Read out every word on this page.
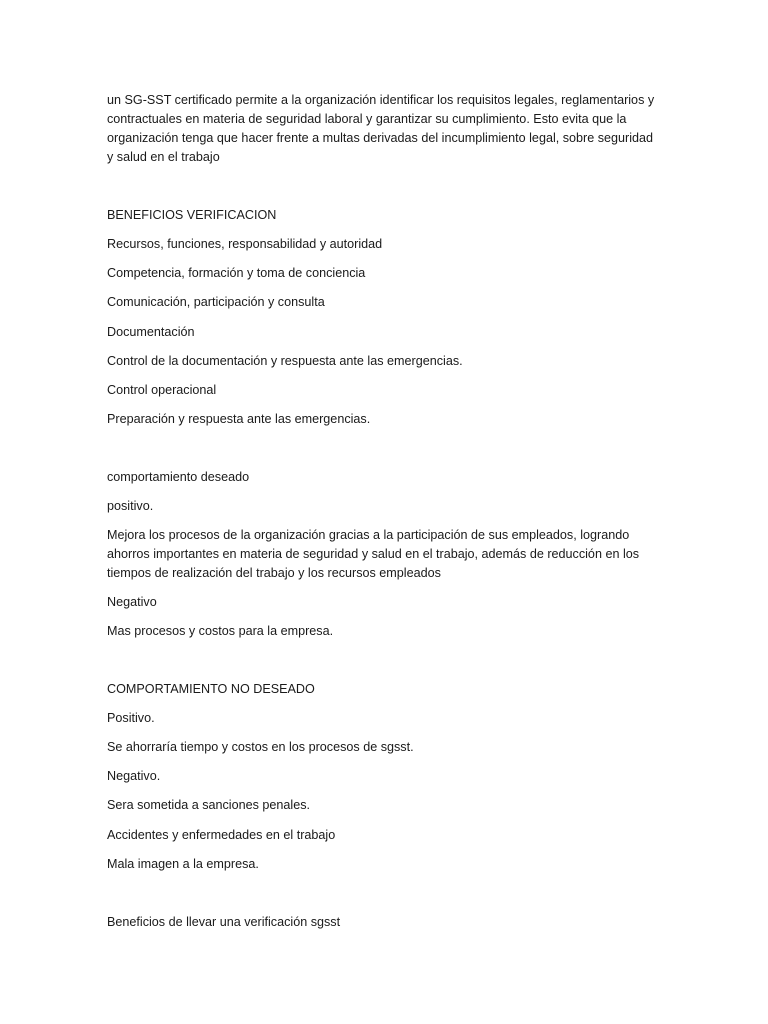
un SG-SST certificado permite a la organización identificar los requisitos legales, reglamentarios y
contractuales en materia de seguridad laboral y garantizar su cumplimiento. Esto evita que la
organización tenga que hacer frente a multas derivadas del incumplimiento legal, sobre seguridad
y salud en el trabajo
BENEFICIOS VERIFICACION
Recursos, funciones, responsabilidad y autoridad
Competencia, formación y toma de conciencia
Comunicación, participación y consulta
Documentación
Control de la documentación y respuesta ante las emergencias.
Control operacional
Preparación y respuesta ante las emergencias.
comportamiento deseado
positivo.
Mejora los procesos de la organización gracias a la participación de sus empleados, logrando
ahorros importantes en materia de seguridad y salud en el trabajo, además de reducción en los
tiempos de realización del trabajo y los recursos empleados
Negativo
Mas procesos y costos para la empresa.
COMPORTAMIENTO NO DESEADO
Positivo.
Se ahorraría tiempo y costos en los procesos de sgsst.
Negativo.
Sera sometida a sanciones penales.
Accidentes y enfermedades en el trabajo
Mala imagen a la empresa.
Beneficios de llevar una verificación sgsst
